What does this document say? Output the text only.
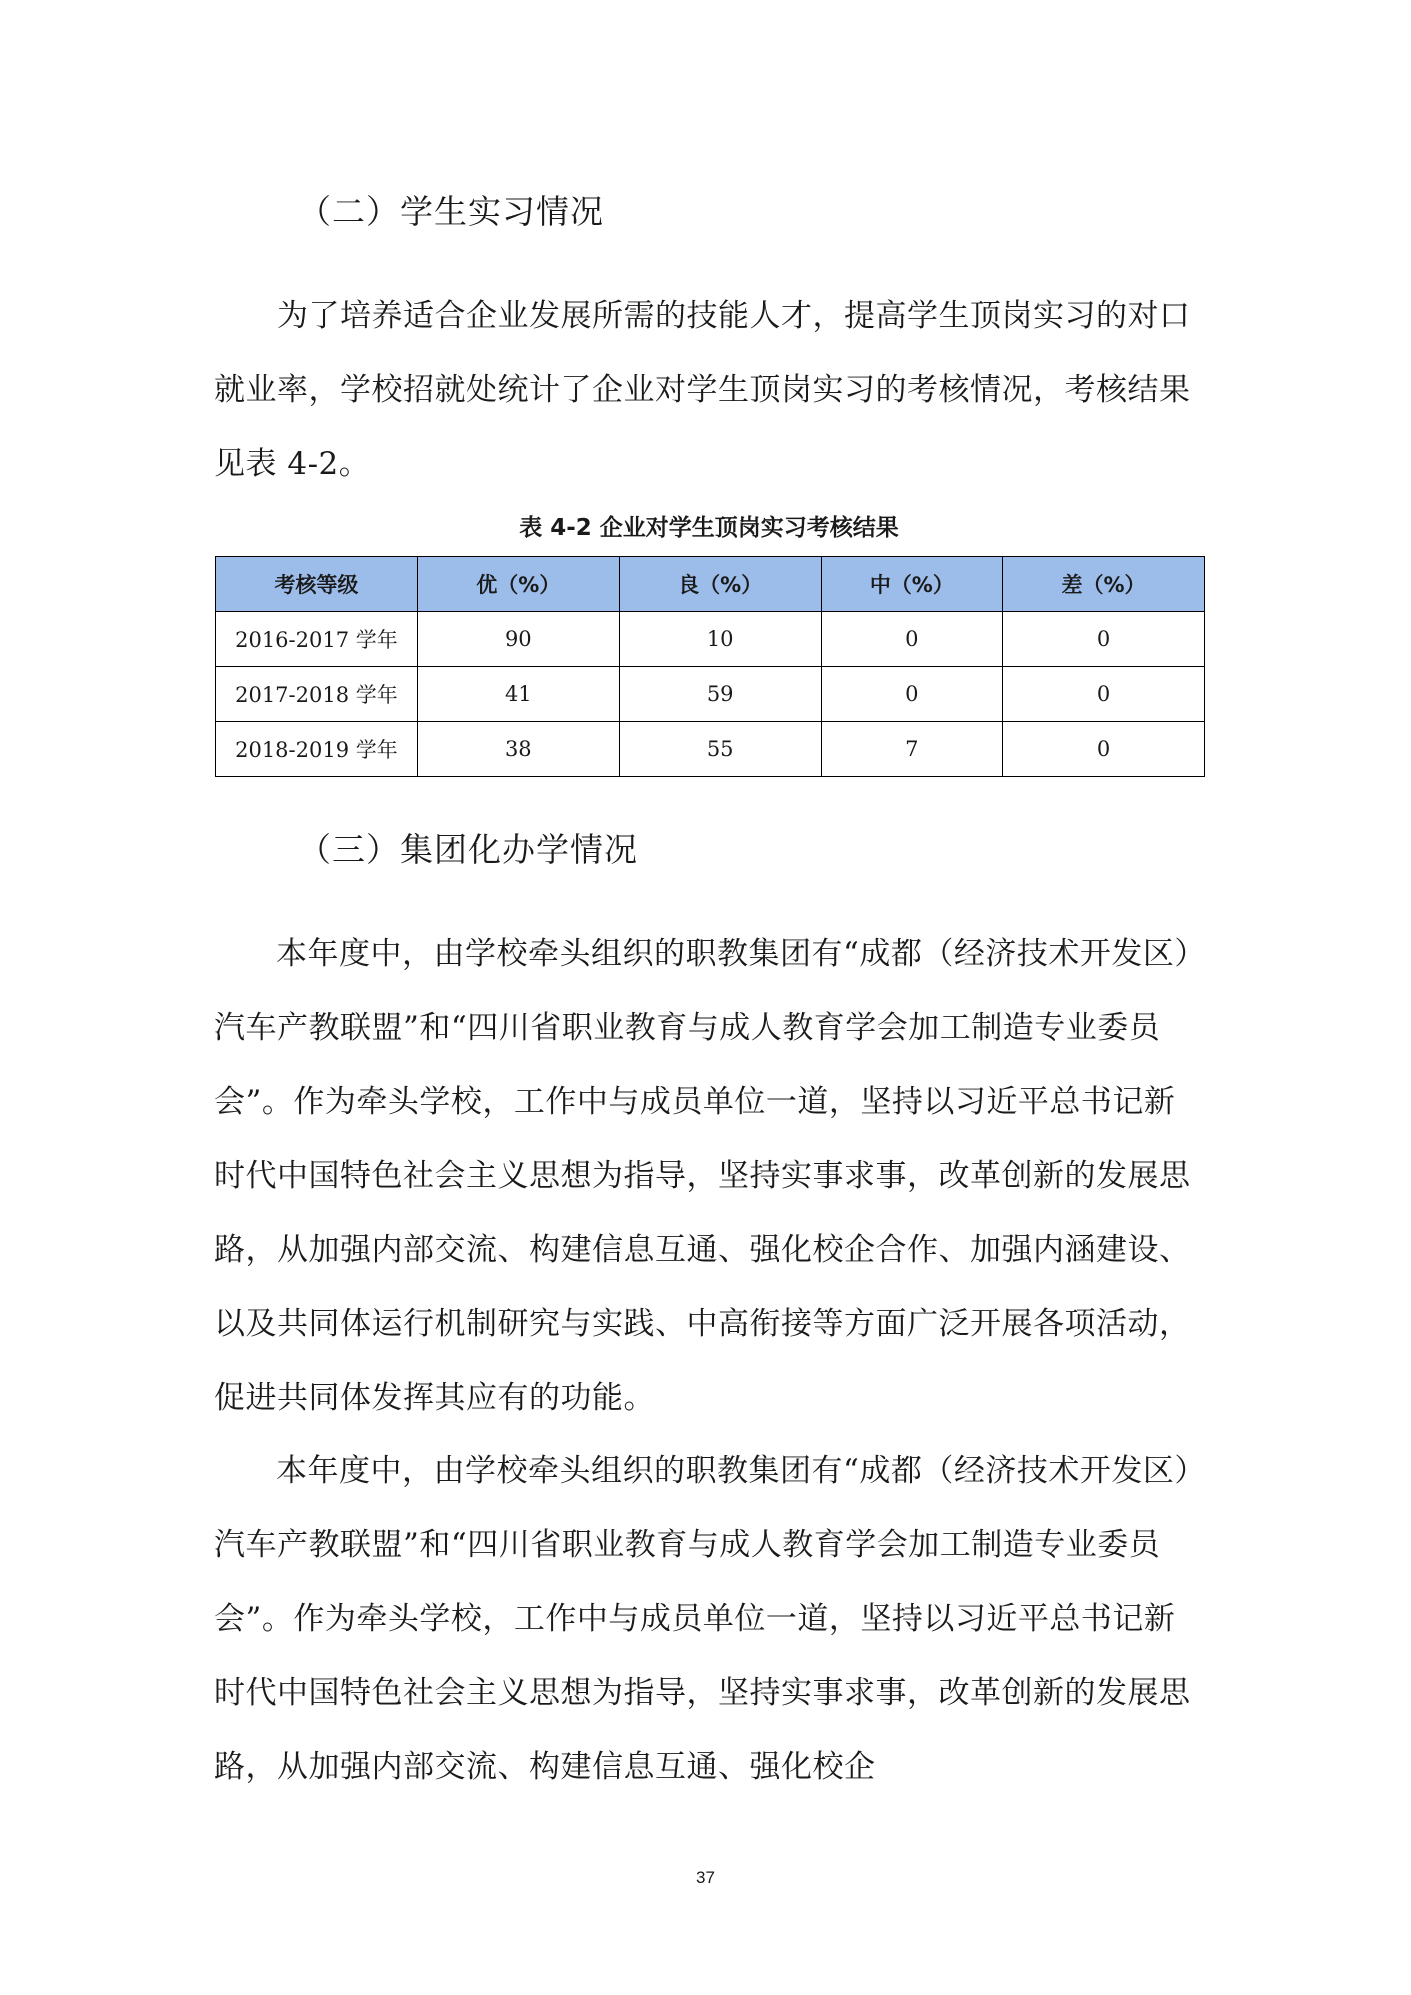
（二）学生实习情况

为了培养适合企业发展所需的技能人才，提高学生顶岗实习的对口就业率，学校招就处统计了企业对学生顶岗实习的考核情况，考核结果见表 4-2。

表 4-2 企业对学生顶岗实习考核结果
考核等级	优（%）	良（%）	中（%）	差（%）
2016-2017 学年	90	10	0	0
2017-2018 学年	41	59	0	0
2018-2019 学年	38	55	7	0
（三）集团化办学情况

本年度中，由学校牵头组织的职教集团有“成都（经济技术开发区）汽车产教联盟”和“四川省职业教育与成人教育学会加工制造专业委员会”。作为牵头学校，工作中与成员单位一道，坚持以习近平总书记新时代中国特色社会主义思想为指导，坚持实事求事，改革创新的发展思路，从加强内部交流、构建信息互通、强化校企合作、加强内涵建设、以及共同体运行机制研究与实践、中高衔接等方面广泛开展各项活动，促进共同体发挥其应有的功能。

本年度中，由学校牵头组织的职教集团有“成都（经济技术开发区）汽车产教联盟”和“四川省职业教育与成人教育学会加工制造专业委员会”。作为牵头学校，工作中与成员单位一道，坚持以习近平总书记新时代中国特色社会主义思想为指导，坚持实事求事，改革创新的发展思路，从加强内部交流、构建信息互通、强化校企

37
